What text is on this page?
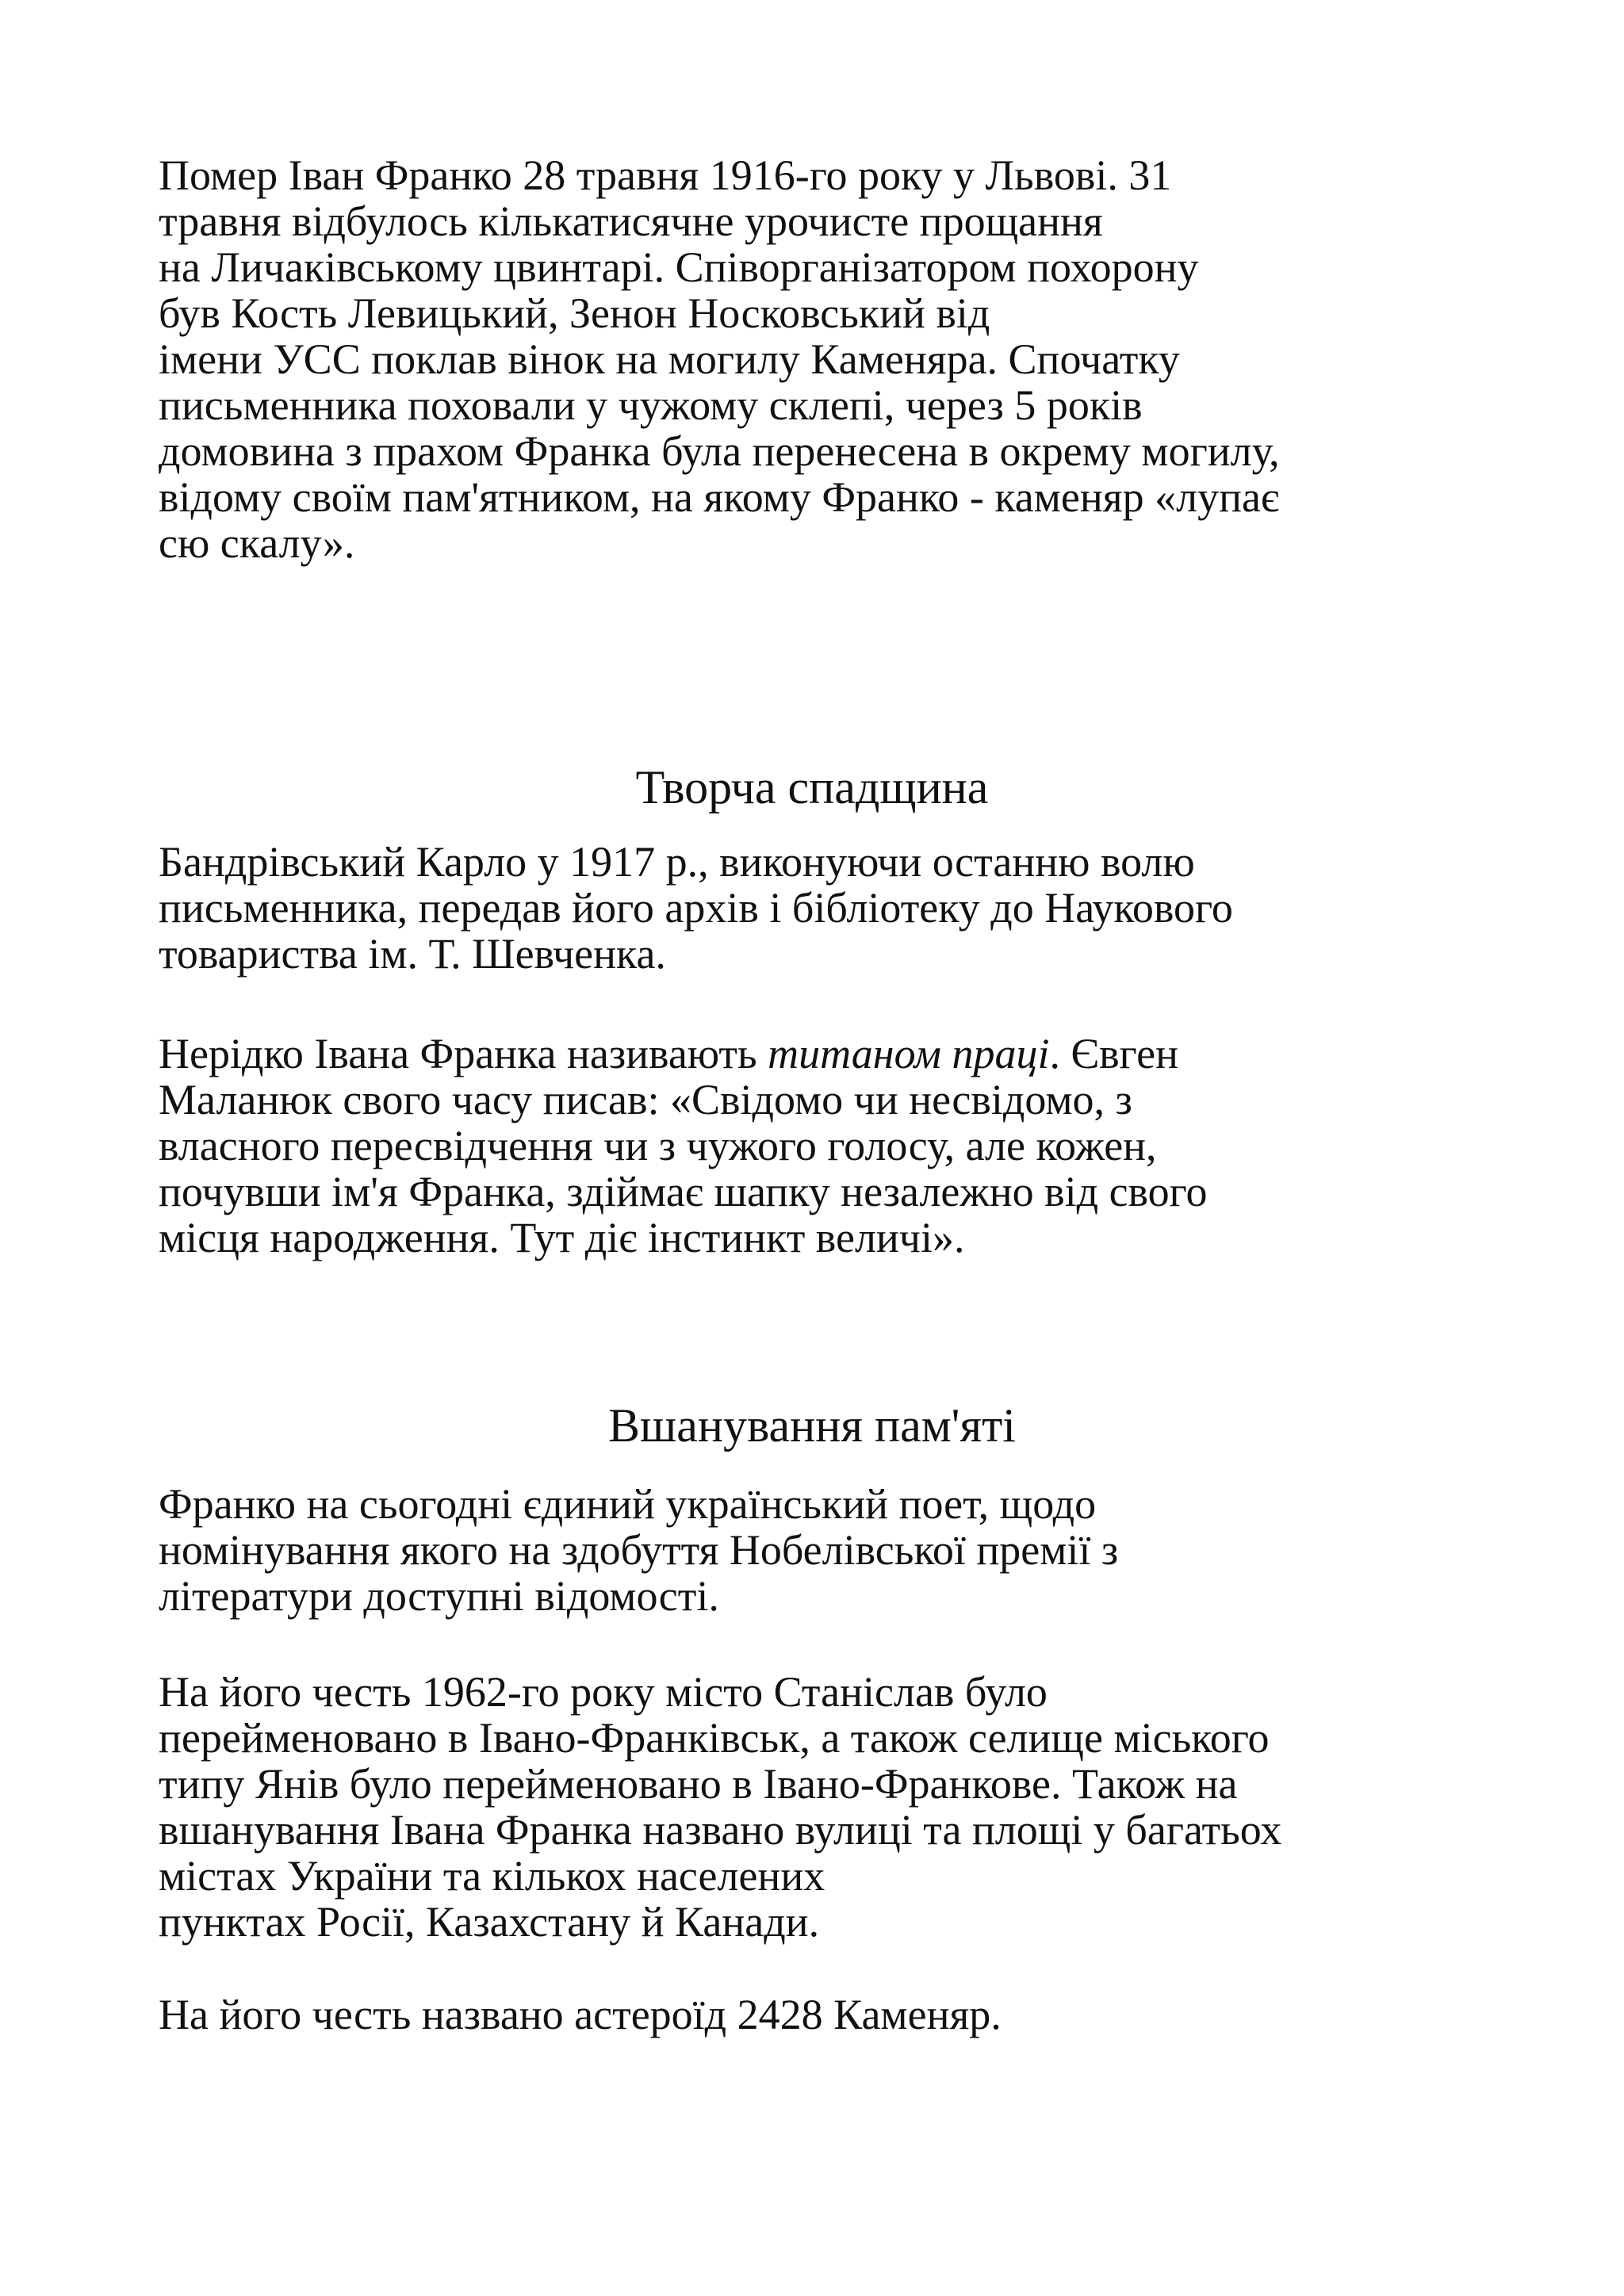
Помер Іван Франко 28 травня 1916-го року у Львові. 31
травня відбулось кількатисячне урочисте прощання
на Личаківському цвинтарі. Співорганізатором похорону
був Кость Левицький, Зенон Носковський від
імени УСС поклав вінок на могилу Каменяра. Спочатку
письменника поховали у чужому склепі, через 5 років
домовина з прахом Франка була перенесена в окрему могилу,
відому своїм пам'ятником, на якому Франко - каменяр «лупає
сю скалу».

Творча спадщина

Бандрівський Карло у 1917 р., виконуючи останню волю
письменника, передав його архів і бібліотеку до Наукового
товариства ім. Т. Шевченка.

Нерідко Івана Франка називають титаном праці. Євген
Маланюк свого часу писав: «Свідомо чи несвідомо, з
власного пересвідчення чи з чужого голосу, але кожен,
почувши ім'я Франка, здіймає шапку незалежно від свого
місця народження. Тут діє інстинкт величі».

Вшанування пам'яті

Франко на сьогодні єдиний український поет, щодо
номінування якого на здобуття Нобелівської премії з
літератури доступні відомості.

На його честь 1962-го року місто Станіслав було
перейменовано в Івано-Франківськ, а також селище міського
типу Янів було перейменовано в Івано-Франкове. Також на
вшанування Івана Франка названо вулиці та площі у багатьох
містах України та кількох населених
пунктах Росії, Казахстану й Канади.

На його честь названо астероїд 2428 Каменяр.
